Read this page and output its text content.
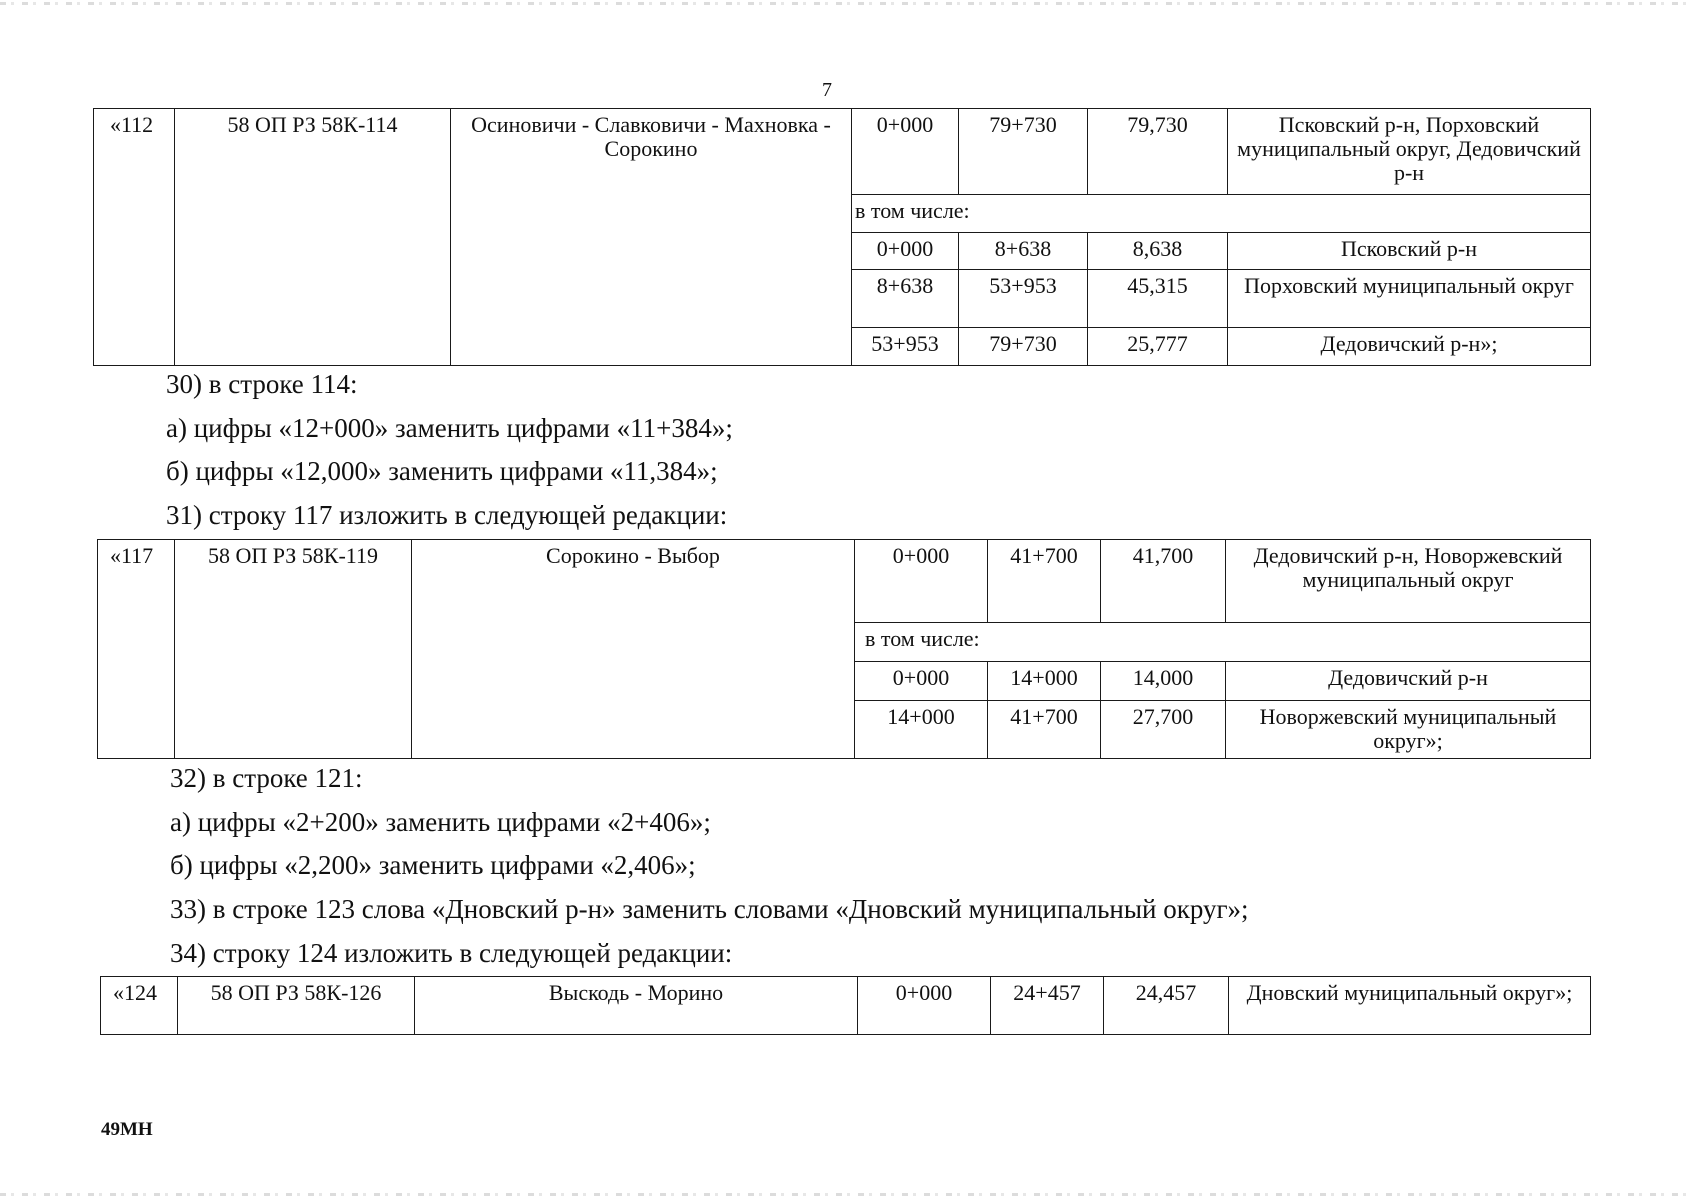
7
«112	58 ОП РЗ 58К-114	Осиновичи - Славковичи - Махновка - Сорокино	0+000	79+730	79,730	Псковский р-н, Порховский муниципальный округ, Дедовичский р-н
			в том числе:			
			0+000	8+638	8,638	Псковский р-н
			8+638	53+953	45,315	Порховский муниципальный округ
			53+953	79+730	25,777	Дедовичский р-н»;
30) в строке 114:
а) цифры «12+000» заменить цифрами «11+384»;
б) цифры «12,000» заменить цифрами «11,384»;
31) строку 117 изложить в следующей редакции:
«117	58 ОП РЗ 58К-119	Сорокино - Выбор	0+000	41+700	41,700	Дедовичский р-н, Новоржевский муниципальный округ
			в том числе:			
			0+000	14+000	14,000	Дедовичский р-н
			14+000	41+700	27,700	Новоржевский муниципальный округ»;
32) в строке 121:
а) цифры «2+200» заменить цифрами «2+406»;
б) цифры «2,200» заменить цифрами «2,406»;
33) в строке 123 слова «Дновский р-н» заменить словами «Дновский муниципальный округ»;
34) строку 124 изложить в следующей редакции:
«124	58 ОП РЗ 58К-126	Выскодь - Морино	0+000	24+457	24,457	Дновский муниципальный округ»;
49МН
